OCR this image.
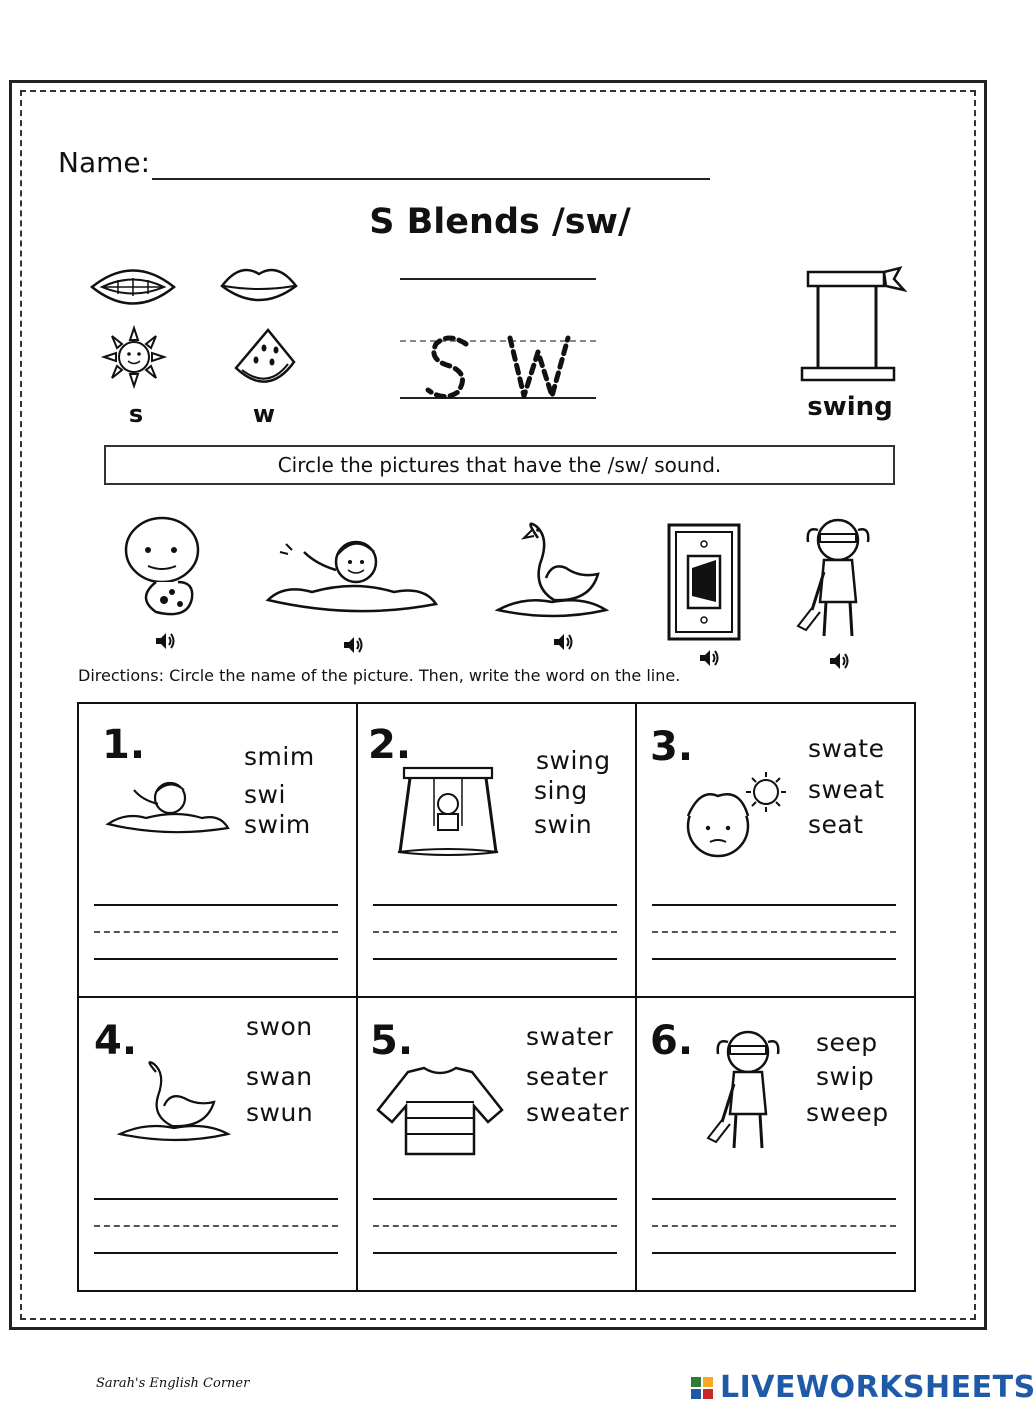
Name:
S Blends /sw/
s	w	swing
Circle the pictures that have the /sw/ sound.
Directions: Circle the name of the picture. Then, write the word on the line.
1.	smim
swi
swim
2.	swing
sing
swin
3.	swate
sweat
seat
4.	swon
swan
swun
5.	swater
seater
sweater
6.	seep
swip
sweep
Sarah's English Corner	LIVEWORKSHEETS
